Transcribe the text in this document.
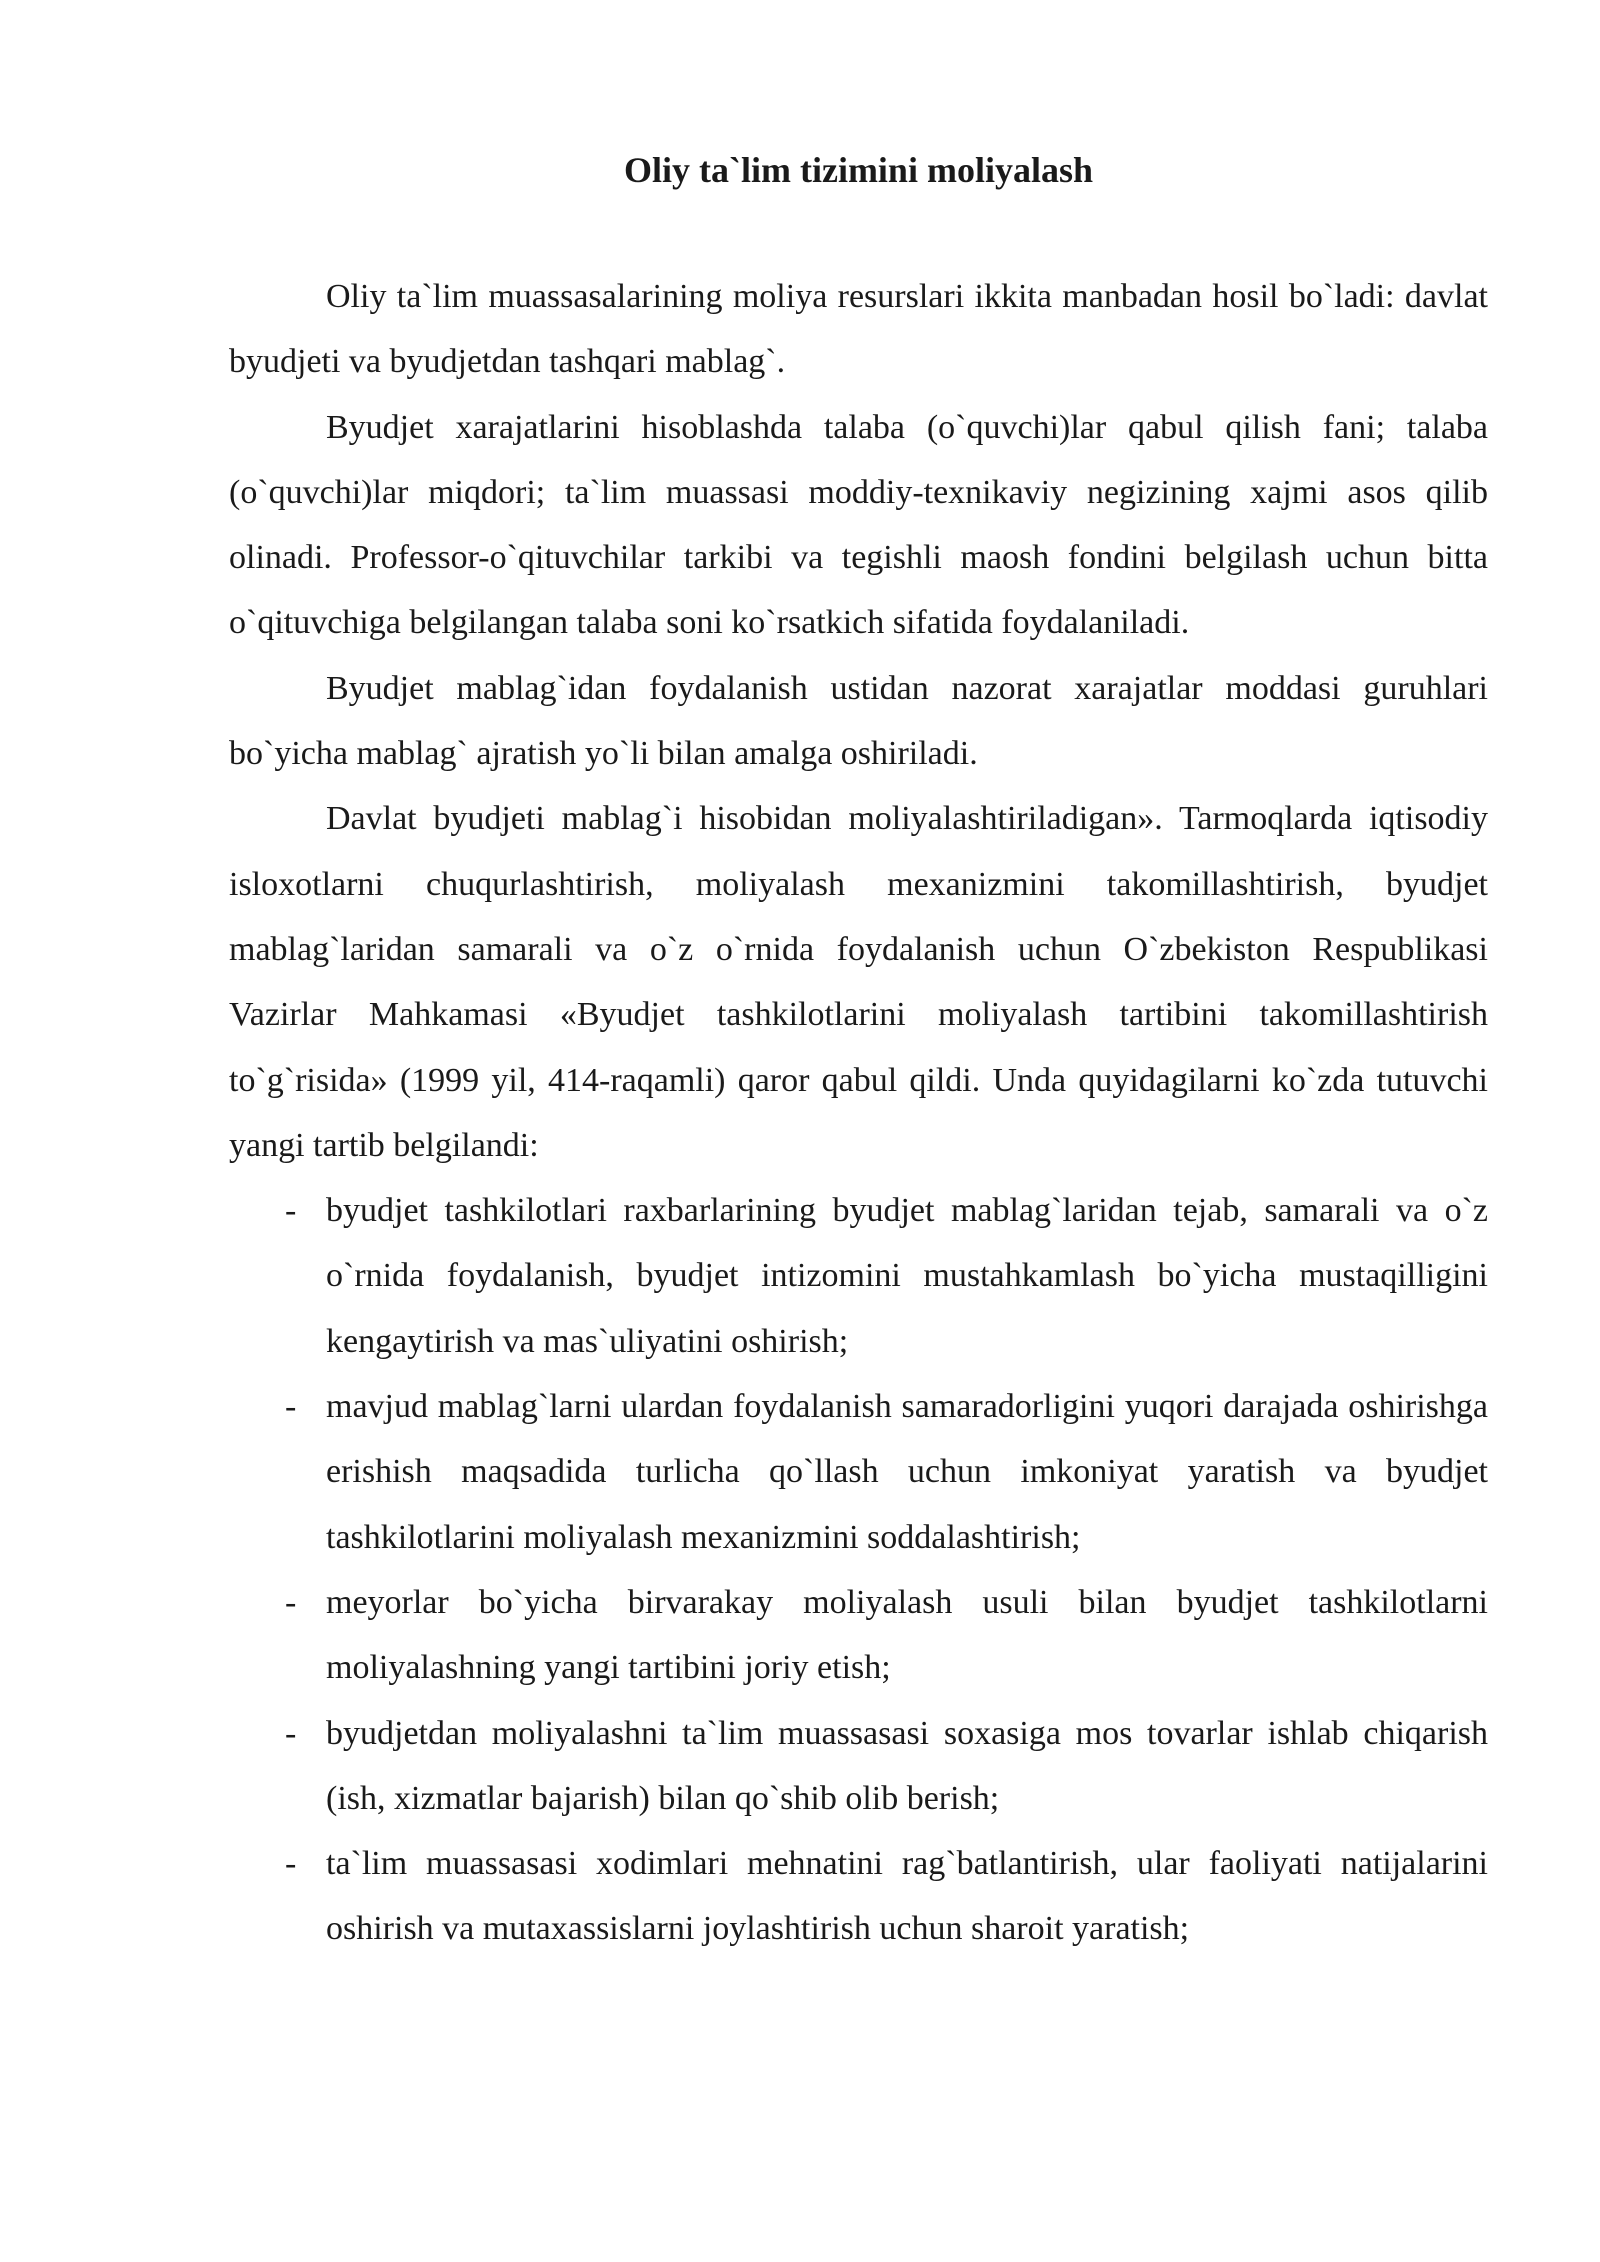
Oliy ta`lim tizimini moliyalash

Oliy ta`lim muassasalarining moliya resurslari ikkita manbadan hosil bo`ladi: davlat byudjeti va byudjetdan tashqari mablag`.

Byudjet xarajatlarini hisoblashda talaba (o`quvchi)lar qabul qilish fani; talaba (o`quvchi)lar miqdori; ta`lim muassasi moddiy-texnikaviy negizining xajmi asos qilib olinadi. Professor-o`qituvchilar tarkibi va tegishli maosh fondini belgilash uchun bitta o`qituvchiga belgilangan talaba soni ko`rsatkich sifatida foydalaniladi.

Byudjet mablag`idan foydalanish ustidan nazorat xarajatlar moddasi guruhlari bo`yicha mablag` ajratish yo`li bilan amalga oshiriladi.

Davlat byudjeti mablag`i hisobidan moliyalashtiriladigan». Tarmoqlarda iqtisodiy isloxotlarni chuqurlashtirish, moliyalash mexanizmini takomillashtirish, byudjet mablag`laridan samarali va o`z o`rnida foydalanish uchun O`zbekiston Respublikasi Vazirlar Mahkamasi «Byudjet tashkilotlarini moliyalash tartibini takomillashtirish to`g`risida» (1999 yil, 414-raqamli) qaror qabul qildi. Unda quyidagilarni ko`zda tutuvchi yangi tartib belgilandi:

- byudjet tashkilotlari raxbarlarining byudjet mablag`laridan tejab, samarali va o`z o`rnida foydalanish, byudjet intizomini mustahkamlash bo`yicha mustaqilligini kengaytirish va mas`uliyatini oshirish;
- mavjud mablag`larni ulardan foydalanish samaradorligini yuqori darajada oshirishga erishish maqsadida turlicha qo`llash uchun imkoniyat yaratish va byudjet tashkilotlarini moliyalash mexanizmini soddalashtirish;
- meyorlar bo`yicha birvarakay moliyalash usuli bilan byudjet tashkilotlarni moliyalashning yangi tartibini joriy etish;
- byudjetdan moliyalashni ta`lim muassasasi soxasiga mos tovarlar ishlab chiqarish (ish, xizmatlar bajarish) bilan qo`shib olib berish;
- ta`lim muassasasi xodimlari mehnatini rag`batlantirish, ular faoliyati natijalarini oshirish va mutaxassislarni joylashtirish uchun sharoit yaratish;
